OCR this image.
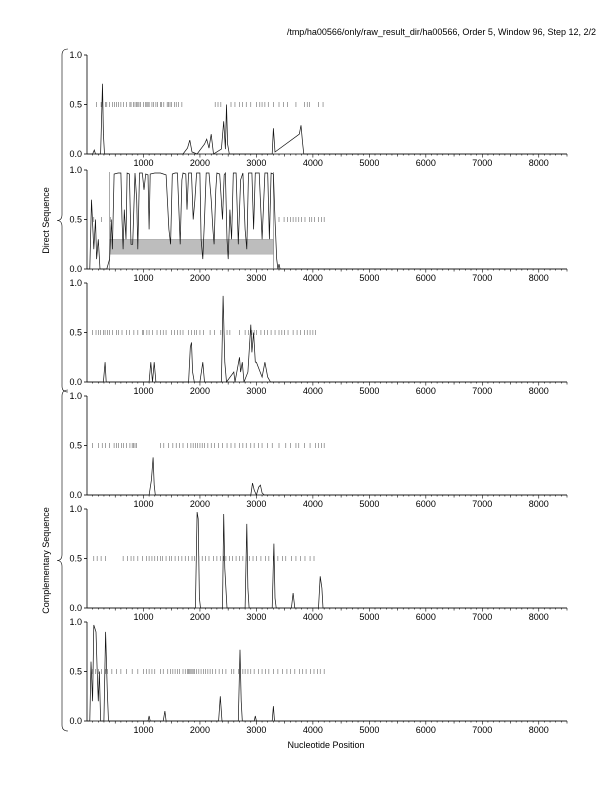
/tmp/ha00566/only/raw_result_dir/ha00566, Order 5, Window 96, Step 12, 2/2
0.0
0.5
1.0
1000	2000	3000	4000	5000	6000	7000	8000
0.0
0.5
1.0
1000	2000	3000	4000	5000	6000	7000	8000
0.0
0.5
1.0
1000	2000	3000	4000	5000	6000	7000	8000
0.0
0.5
1.0
1000	2000	3000	4000	5000	6000	7000	8000
0.0
0.5
1.0
1000	2000	3000	4000	5000	6000	7000	8000
0.0
0.5
1.0
1000	2000	3000	4000	5000	6000	7000	8000
Direct Sequence
Complementary Sequence
Nucleotide Position
